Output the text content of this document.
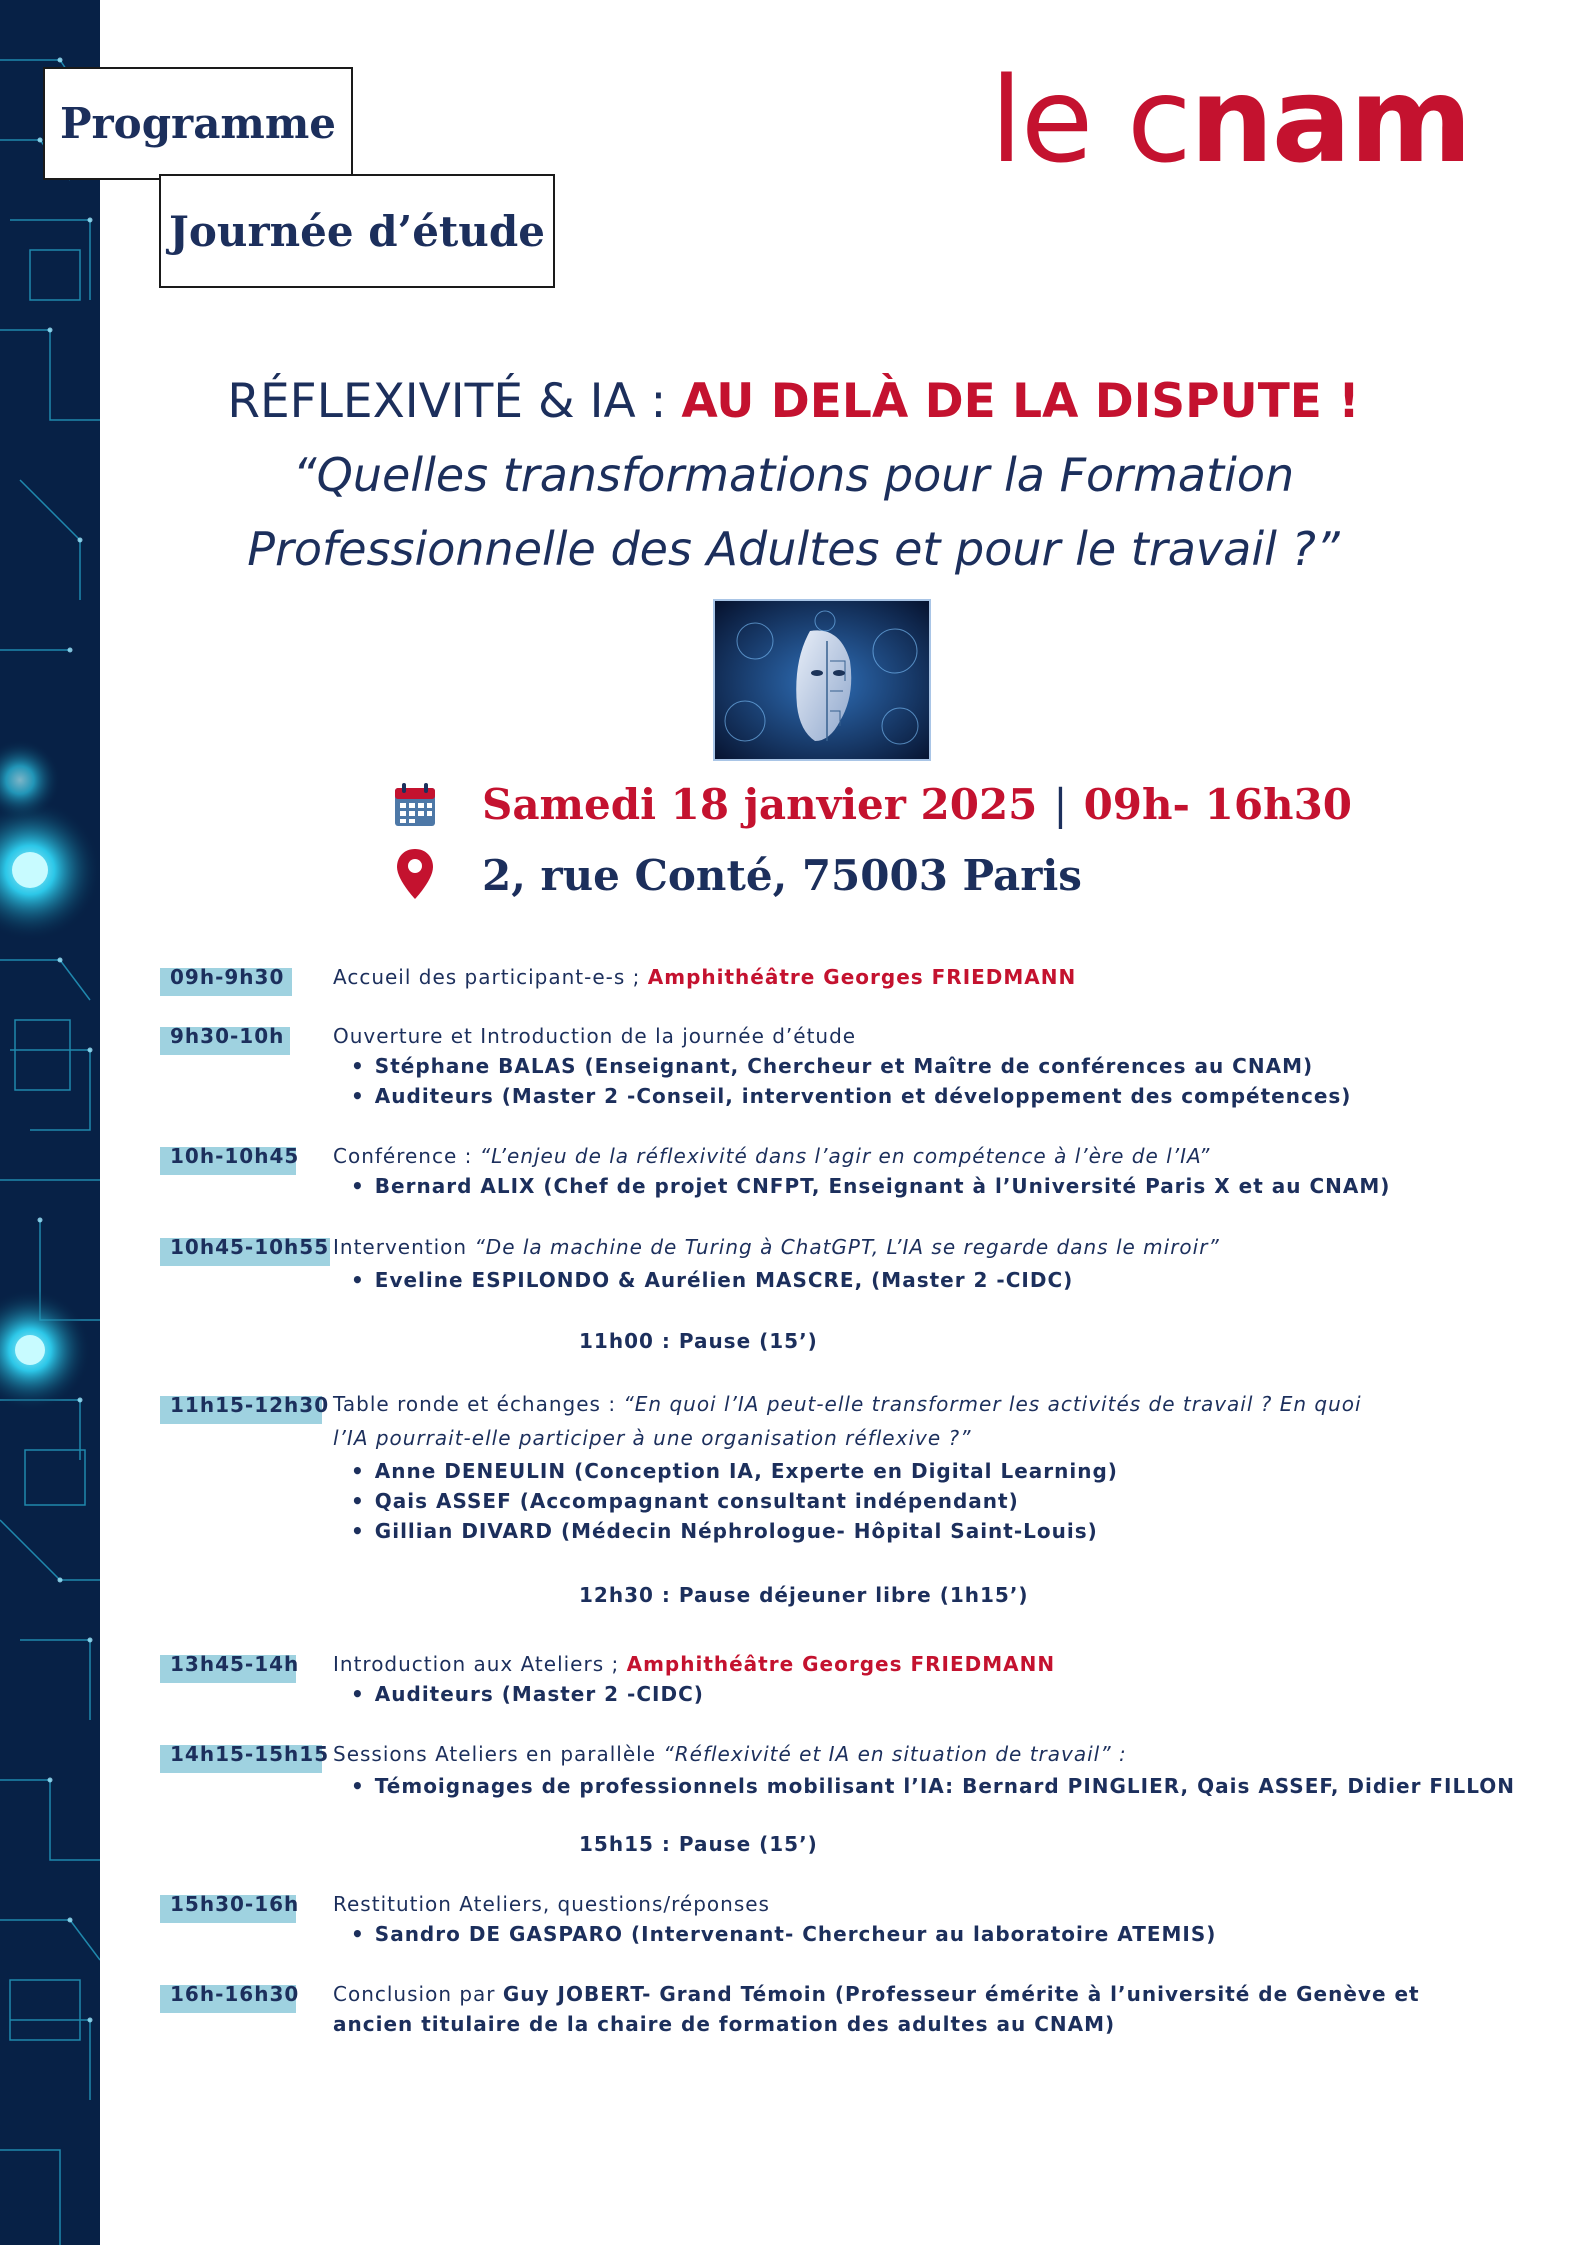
Programme
Journée d’étude
le cnam
RÉFLEXIVITÉ & IA : AU DELÀ DE LA DISPUTE !
“Quelles transformations pour la Formation
Professionnelle des Adultes et pour le travail ?”
Samedi 18 janvier 2025 | 09h- 16h30
2, rue Conté, 75003 Paris
09h-9h30 Accueil des participant-e-s ; Amphithéâtre Georges FRIEDMANN
9h30-10h Ouverture et Introduction de la journée d’étude
• Stéphane BALAS (Enseignant, Chercheur et Maître de conférences au CNAM)
• Auditeurs (Master 2 -Conseil, intervention et développement des compétences)
10h-10h45 Conférence : “L’enjeu de la réflexivité dans l’agir en compétence à l’ère de l’IA”
• Bernard ALIX (Chef de projet CNFPT, Enseignant à l’Université Paris X et au CNAM)
10h45-10h55 Intervention “De la machine de Turing à ChatGPT, L’IA se regarde dans le miroir”
• Eveline ESPILONDO & Aurélien MASCRE, (Master 2 -CIDC)
11h00 : Pause (15’)
11h15-12h30 Table ronde et échanges : “En quoi l’IA peut-elle transformer les activités de travail ? En quoi
l’IA pourrait-elle participer à une organisation réflexive ?”
• Anne DENEULIN (Conception IA, Experte en Digital Learning)
• Qais ASSEF (Accompagnant consultant indépendant)
• Gillian DIVARD (Médecin Néphrologue- Hôpital Saint-Louis)
12h30 : Pause déjeuner libre (1h15’)
13h45-14h Introduction aux Ateliers ; Amphithéâtre Georges FRIEDMANN
• Auditeurs (Master 2 -CIDC)
14h15-15h15 Sessions Ateliers en parallèle “Réflexivité et IA en situation de travail” :
• Témoignages de professionnels mobilisant l’IA: Bernard PINGLIER, Qais ASSEF, Didier FILLON
15h15 : Pause (15’)
15h30-16h Restitution Ateliers, questions/réponses
• Sandro DE GASPARO (Intervenant- Chercheur au laboratoire ATEMIS)
16h-16h30 Conclusion par Guy JOBERT- Grand Témoin (Professeur émérite à l’université de Genève et
ancien titulaire de la chaire de formation des adultes au CNAM)
